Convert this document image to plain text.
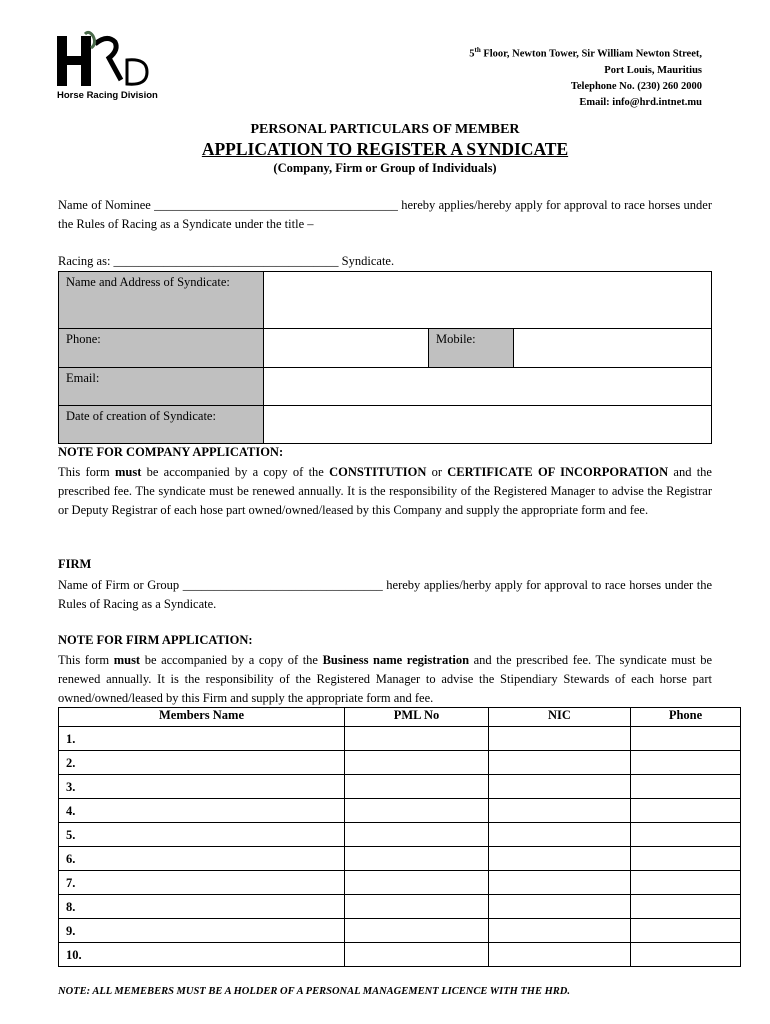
Horse Racing Division
5th Floor, Newton Tower, Sir William Newton Street,
Port Louis, Mauritius
Telephone No. (230) 260 2000
Email: info@hrd.intnet.mu
PERSONAL PARTICULARS OF MEMBER
APPLICATION TO REGISTER A SYNDICATE
(Company, Firm or Group of Individuals)
Name of Nominee _______________________________________ hereby applies/hereby apply for approval to race horses under the Rules of Racing as a Syndicate under the title –
Racing as: ____________________________________ Syndicate.
Name and Address of Syndicate:			
Phone:		Mobile:	
Email:			
Date of creation of Syndicate:			
NOTE FOR COMPANY APPLICATION:
This form must be accompanied by a copy of the CONSTITUTION or CERTIFICATE OF INCORPORATION and the prescribed fee. The syndicate must be renewed annually. It is the responsibility of the Registered Manager to advise the Registrar or Deputy Registrar of each hose part owned/owned/leased by this Company and supply the appropriate form and fee.
FIRM
Name of Firm or Group ________________________________ hereby applies/herby apply for approval to race horses under the Rules of Racing as a Syndicate.
NOTE FOR FIRM APPLICATION:
This form must be accompanied by a copy of the Business name registration and the prescribed fee. The syndicate must be renewed annually. It is the responsibility of the Registered Manager to advise the Stipendiary Stewards of each horse part owned/owned/leased by this Firm and supply the appropriate form and fee.
Members Name	PML No	NIC	Phone
1.			
2.			
3.			
4.			
5.			
6.			
7.			
8.			
9.			
10.			
NOTE: ALL MEMEBERS MUST BE A HOLDER OF A PERSONAL MANAGEMENT LICENCE WITH THE HRD.
